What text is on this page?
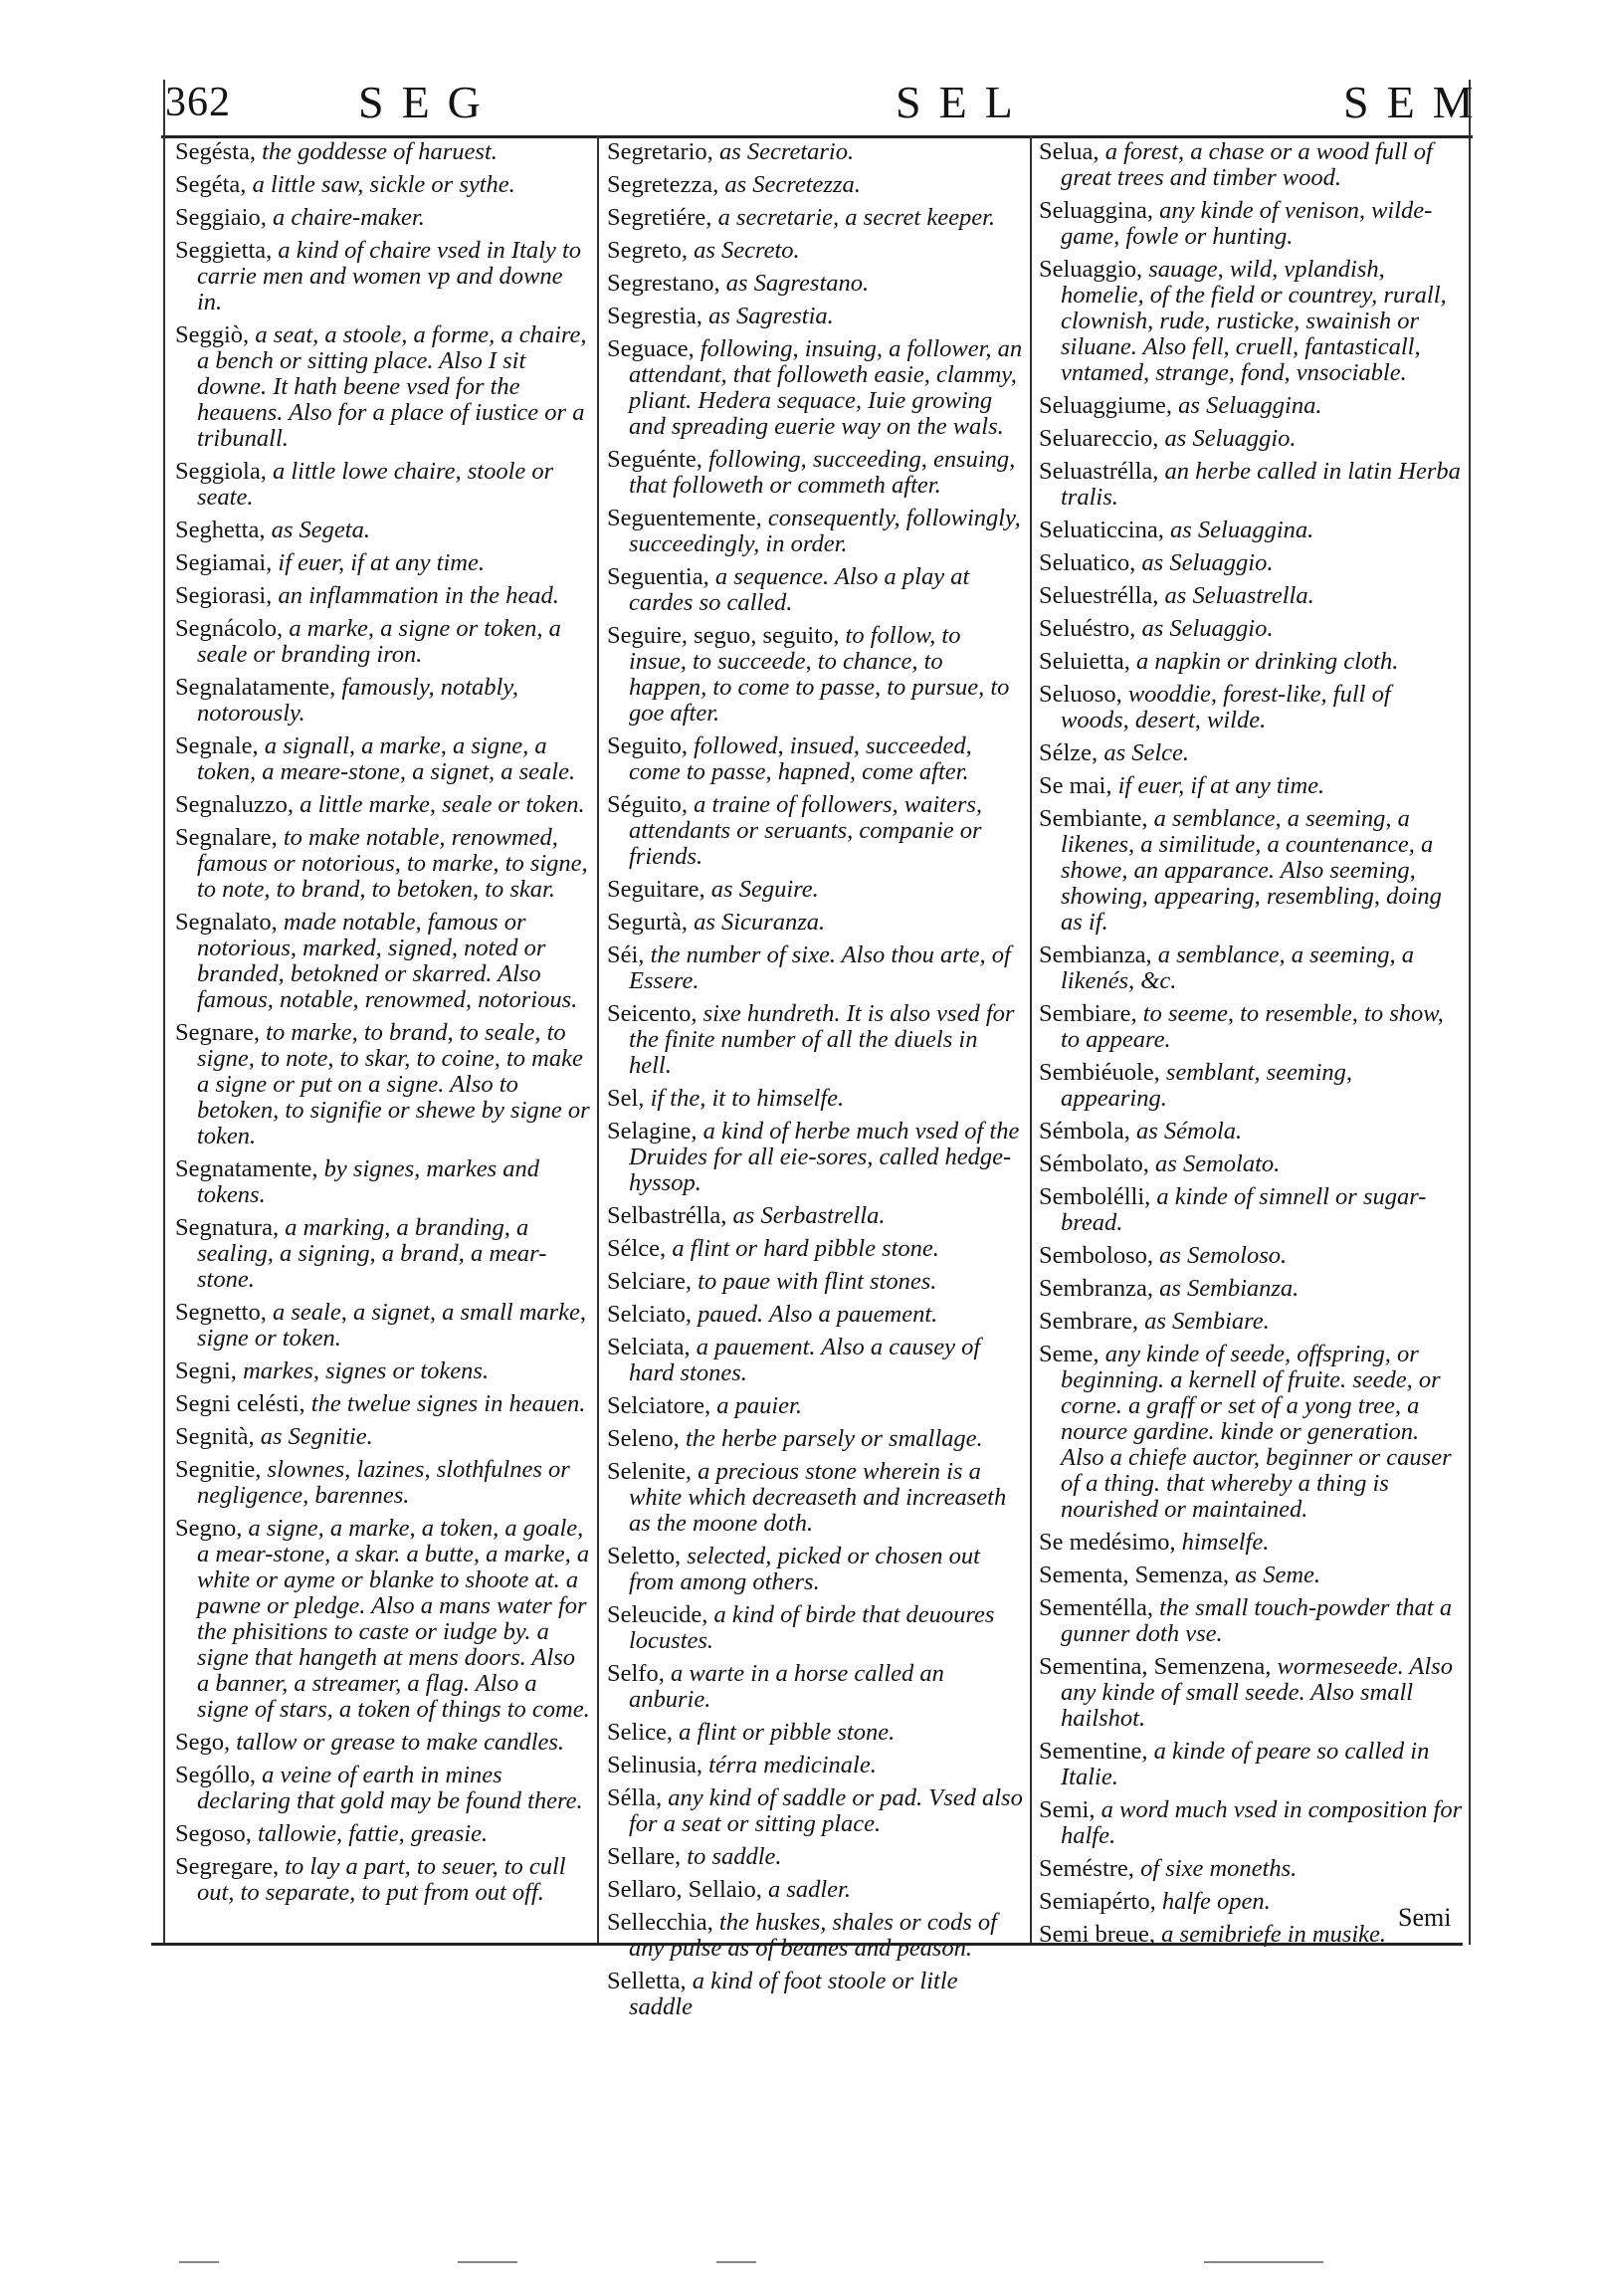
362	SEG	SEL	SEM
Segésta, the goddesse of haruest.
Segéta, a little saw, sickle or sythe.
Seggiaio, a chaire-maker.
Seggietta, a kind of chaire vsed in Italy to carrie men and women vp and downe in.
Seggiò, a seat, a stoole, a forme, a chaire, a bench or sitting place. Also I sit downe. It hath beene vsed for the heauens. Also for a place of iustice or a tribunall.
Seggiola, a little lowe chaire, stoole or seate.
Seghetta, as Segeta.
Segiamai, if euer, if at any time.
Segiorasi, an inflammation in the head.
Segnácolo, a marke, a signe or token, a seale or branding iron.
Segnalatamente, famously, notably, notorously.
Segnale, a signall, a marke, a signe, a token, a meare-stone, a signet, a seale.
Segnaluzzo, a little marke, seale or token.
Segnalare, to make notable, renowmed, famous or notorious, to marke, to signe, to note, to brand, to betoken, to skar.
Segnalato, made notable, famous or notorious, marked, signed, noted or branded, betokned or skarred. Also famous, notable, renowmed, notorious.
Segnare, to marke, to brand, to seale, to signe, to note, to skar, to coine, to make a signe or put on a signe. Also to betoken, to signifie or shewe by signe or token.
Segnatamente, by signes, markes and tokens.
Segnatura, a marking, a branding, a sealing, a signing, a brand, a mear-stone.
Segnetto, a seale, a signet, a small marke, signe or token.
Segni, markes, signes or tokens.
Segni celésti, the twelue signes in heauen.
Segnità, as Segnitie.
Segnitie, slownes, lazines, slothfulnes or negligence, barennes.
Segno, a signe, a marke, a token, a goale, a mear-stone, a skar. a butte, a marke, a white or ayme or blanke to shoote at. a pawne or pledge. Also a mans water for the phisitions to caste or iudge by. a signe that hangeth at mens doors. Also a banner, a streamer, a flag. Also a signe of stars, a token of things to come.
Sego, tallow or grease to make candles.
Sególlo, a veine of earth in mines declaring that gold may be found there.
Segoso, tallowie, fattie, greasie.
Segregare, to lay a part, to seuer, to cull out, to separate, to put from out off.
Segretario, as Secretario.
Segretezza, as Secretezza.
Segretiére, a secretarie, a secret keeper.
Segreto, as Secreto.
Segrestano, as Sagrestano.
Segrestia, as Sagrestia.
Seguace, following, insuing, a follower, an attendant, that followeth easie, clammy, pliant. Hedera sequace, Iuie growing and spreading euerie way on the wals.
Seguénte, following, succeeding, ensuing, that followeth or commeth after.
Seguentemente, consequently, followingly, succeedingly, in order.
Seguentia, a sequence. Also a play at cardes so called.
Seguire, seguo, seguito, to follow, to insue, to succeede, to chance, to happen, to come to passe, to pursue, to goe after.
Seguito, followed, insued, succeeded, come to passe, hapned, come after.
Séguito, a traine of followers, waiters, attendants or seruants, companie or friends.
Seguitare, as Seguire.
Segurtà, as Sicuranza.
Séi, the number of sixe. Also thou arte, of Essere.
Seicento, sixe hundreth. It is also vsed for the finite number of all the diuels in hell.
Sel, if the, it to himselfe.
Selagine, a kind of herbe much vsed of the Druides for all eie-sores, called hedge-hyssop.
Selbastrélla, as Serbastrella.
Sélce, a flint or hard pibble stone.
Selciare, to paue with flint stones.
Selciato, paued. Also a pauement.
Selciata, a pauement. Also a causey of hard stones.
Selciatore, a pauier.
Seleno, the herbe parsely or smallage.
Selenite, a precious stone wherein is a white which decreaseth and increaseth as the moone doth.
Seletto, selected, picked or chosen out from among others.
Seleucide, a kind of birde that deuoures locustes.
Selfo, a warte in a horse called an anburie.
Selice, a flint or pibble stone.
Selinusia, térra medicinale.
Sélla, any kind of saddle or pad. Vsed also for a seat or sitting place.
Sellare, to saddle.
Sellaro, Sellaio, a sadler.
Sellecchia, the huskes, shales or cods of any pulse as of beanes and peason.
Selletta, a kind of foot stoole or litle saddle
Selua, a forest, a chase or a wood full of great trees and timber wood.
Seluaggina, any kinde of venison, wilde-game, fowle or hunting.
Seluaggio, sauage, wild, vplandish, homelie, of the field or countrey, rurall, clownish, rude, rusticke, swainish or siluane. Also fell, cruell, fantasticall, vntamed, strange, fond, vnsociable.
Seluaggiume, as Seluaggina.
Seluareccio, as Seluaggio.
Seluastrélla, an herbe called in latin Herba tralis.
Seluaticcina, as Seluaggina.
Seluatico, as Seluaggio.
Seluestrélla, as Seluastrella.
Seluéstro, as Seluaggio.
Seluietta, a napkin or drinking cloth.
Seluoso, wooddie, forest-like, full of woods, desert, wilde.
Sélze, as Selce.
Se mai, if euer, if at any time.
Sembiante, a semblance, a seeming, a likenes, a similitude, a countenance, a showe, an apparance. Also seeming, showing, appearing, resembling, doing as if.
Sembianza, a semblance, a seeming, a likenés, &c.
Sembiare, to seeme, to resemble, to show, to appeare.
Sembiéuole, semblant, seeming, appearing.
Sémbola, as Sémola.
Sémbolato, as Semolato.
Sembolélli, a kinde of simnell or sugar-bread.
Semboloso, as Semoloso.
Sembranza, as Sembianza.
Sembrare, as Sembiare.
Seme, any kinde of seede, offspring, or beginning. a kernell of fruite. seede, or corne. a graff or set of a yong tree, a nource gardine. kinde or generation. Also a chiefe auctor, beginner or causer of a thing. that whereby a thing is nourished or maintained.
Se medésimo, himselfe.
Sementa, Semenza, as Seme.
Sementélla, the small touch-powder that a gunner doth vse.
Sementina, Semenzena, wormeseede. Also any kinde of small seede. Also small hailshot.
Sementine, a kinde of peare so called in Italie.
Semi, a word much vsed in composition for halfe.
Seméstre, of sixe moneths.
Semiapérto, halfe open.
Semi breue, a semibriefe in musike.
Semi
